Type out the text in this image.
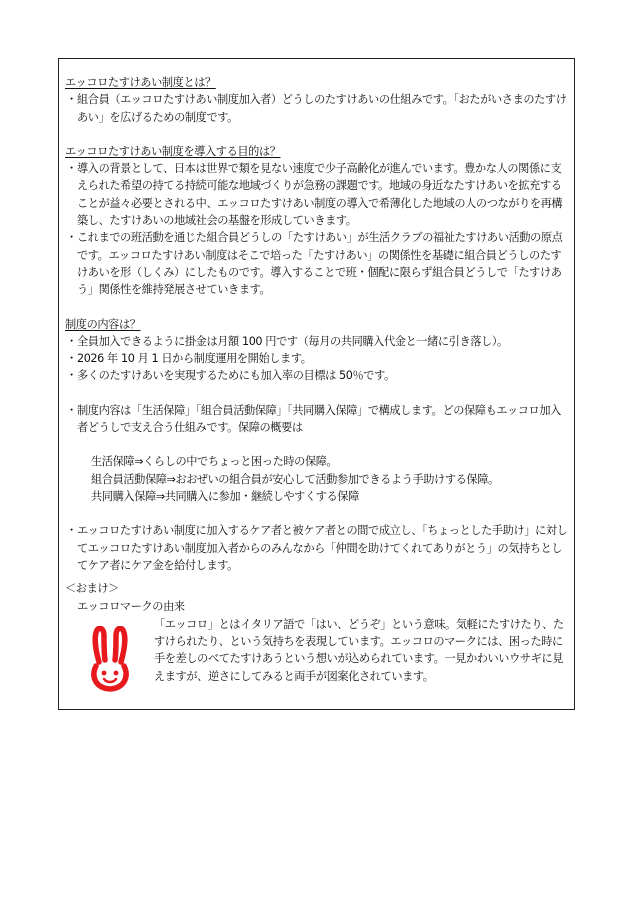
エッコロたすけあい制度とは？
・ 組合員（エッコロたすけあい制度加入者）どうしのたすけあいの仕組みです。「おたがいさまのたすけあい」を広げるための制度です。
エッコロたすけあい制度を導入する目的は？
・ 導入の背景として、日本は世界で類を見ない速度で少子高齢化が進んでいます。豊かな人の関係に支えられた希望の持てる持続可能な地域づくりが急務の課題です。地域の身近なたすけあいを拡充することが益々必要とされる中、エッコロたすけあい制度の導入で希薄化した地域の人のつながりを再構築し、たすけあいの地域社会の基盤を形成していきます。
・ これまでの班活動を通じた組合員どうしの「たすけあい」が生活クラブの福祉たすけあい活動の原点です。エッコロたすけあい制度はそこで培った「たすけあい」の関係性を基礎に組合員どうしのたすけあいを形（しくみ）にしたものです。導入することで班・個配に限らず組合員どうしで「たすけあう」関係性を維持発展させていきます。
制度の内容は？
・ 全員加入できるように掛金は月額 100 円です（毎月の共同購入代金と一緒に引き落し）。
・ 2026 年 10 月 1 日から制度運用を開始します。
・ 多くのたすけあいを実現するためにも加入率の目標は 50％です。
・ 制度内容は「生活保障」「組合員活動保障」「共同購入保障」で構成します。どの保障もエッコロ加入者どうしで支え合う仕組みです。保障の概要は
生活保障⇒くらしの中でちょっと困った時の保障。
組合員活動保障⇒おおぜいの組合員が安心して活動参加できるよう手助けする保障。
共同購入保障⇒共同購入に参加・継続しやすくする保障
・ エッコロたすけあい制度に加入するケア者と被ケア者との間で成立し、「ちょっとした手助け」に対してエッコロたすけあい制度加入者からのみんなから「仲間を助けてくれてありがとう」の気持ちとしてケア者にケア金を給付します。
＜おまけ＞
エッコロマークの由来
「エッコロ」とはイタリア語で「はい、どうぞ」という意味。気軽にたすけたり、たすけられたり、という気持ちを表現しています。エッコロのマークには、困った時に手を差しのべてたすけあうという想いが込められています。一見かわいいウサギに見えますが、逆さにしてみると両手が図案化されています。
